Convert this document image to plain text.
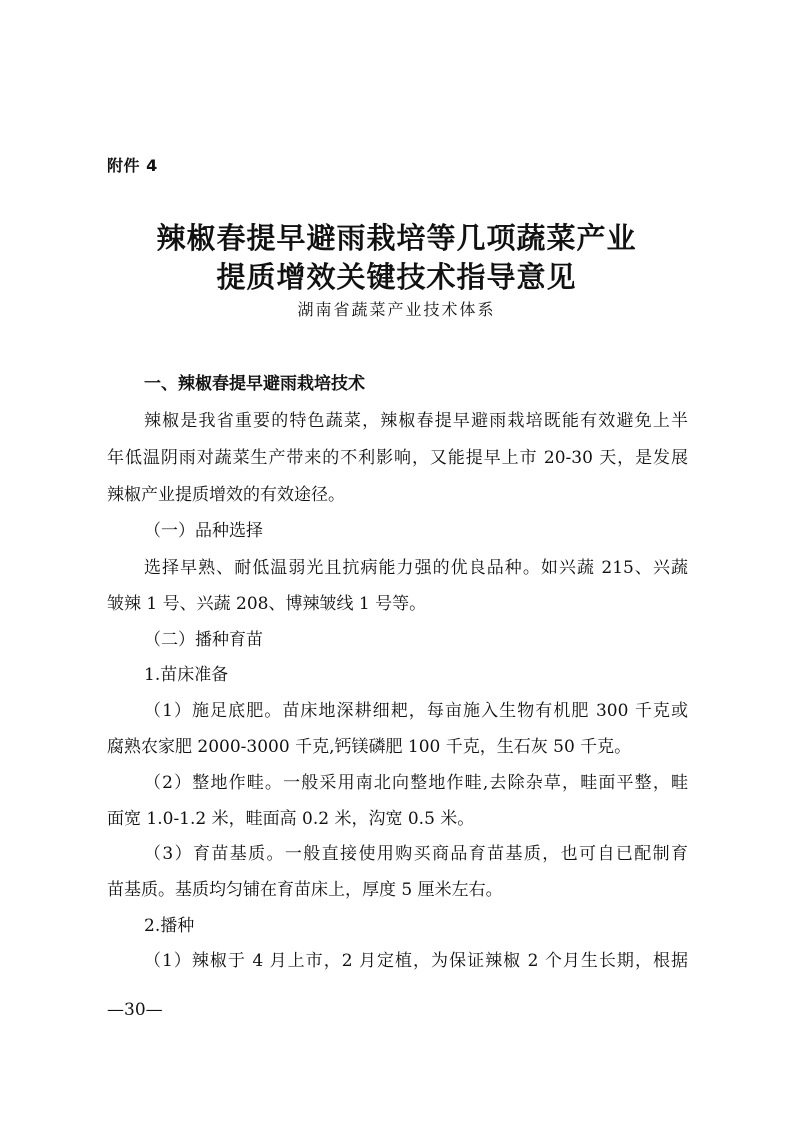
附件 4
辣椒春提早避雨栽培等几项蔬菜产业
提质增效关键技术指导意见
湖南省蔬菜产业技术体系
一、辣椒春提早避雨栽培技术
辣椒是我省重要的特色蔬菜，辣椒春提早避雨栽培既能有效避免上半
年低温阴雨对蔬菜生产带来的不利影响，又能提早上市 20-30 天，是发展
辣椒产业提质增效的有效途径。
（一）品种选择
选择早熟、耐低温弱光且抗病能力强的优良品种。如兴蔬 215、兴蔬
皱辣 1 号、兴蔬 208、博辣皱线 1 号等。
（二）播种育苗
1.苗床准备
（1）施足底肥。苗床地深耕细耙，每亩施入生物有机肥 300 千克或
腐熟农家肥 2000-3000 千克,钙镁磷肥 100 千克，生石灰 50 千克。
（2）整地作畦。一般采用南北向整地作畦,去除杂草，畦面平整，畦
面宽 1.0-1.2 米，畦面高 0.2 米，沟宽 0.5 米。
（3）育苗基质。一般直接使用购买商品育苗基质，也可自已配制育
苗基质。基质均匀铺在育苗床上，厚度 5 厘米左右。
2.播种
（1）辣椒于 4 月上市，2 月定植，为保证辣椒 2 个月生长期，根据
—30—
